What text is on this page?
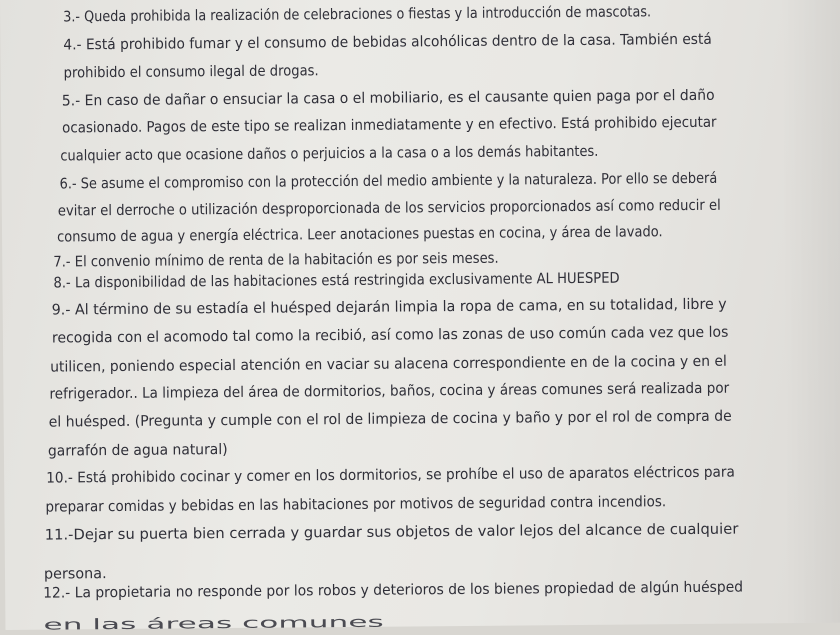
3.- Queda prohibida la realización de celebraciones o fiestas y la introducción de mascotas.

4.- Está prohibido fumar y el consumo de bebidas alcohólicas dentro de la casa. También está

prohibido el consumo ilegal de drogas.

5.- En caso de dañar o ensuciar la casa o el mobiliario, es el causante quien paga por el daño

ocasionado. Pagos de este tipo se realizan inmediatamente y en efectivo. Está prohibido ejecutar

cualquier acto que ocasione daños o perjuicios a la casa o a los demás habitantes.

6.- Se asume el compromiso con la protección del medio ambiente y la naturaleza. Por ello se deberá

evitar el derroche o utilización desproporcionada de los servicios proporcionados así como reducir el

consumo de agua y energía eléctrica. Leer anotaciones puestas en cocina, y área de lavado.

7.- El convenio mínimo de renta de la habitación es por seis meses.

8.- La disponibilidad de las habitaciones está restringida exclusivamente AL HUESPED

9.- Al término de su estadía el huésped dejarán limpia la ropa de cama, en su totalidad, libre y

recogida con el acomodo tal como la recibió, así como las zonas de uso común cada vez que los

utilicen, poniendo especial atención en vaciar su alacena correspondiente en de la cocina y en el

refrigerador.. La limpieza del área de dormitorios, baños, cocina y áreas comunes será realizada por

el huésped. (Pregunta y cumple con el rol de limpieza de cocina y baño y por el rol de compra de

garrafón de agua natural)

10.- Está prohibido cocinar y comer en los dormitorios, se prohíbe el uso de aparatos eléctricos para

preparar comidas y bebidas en las habitaciones por motivos de seguridad contra incendios.

11.-Dejar su puerta bien cerrada y guardar sus objetos de valor lejos del alcance de cualquier

persona.

12.- La propietaria no responde por los robos y deterioros de los bienes propiedad de algún huésped

en las áreas comunes
